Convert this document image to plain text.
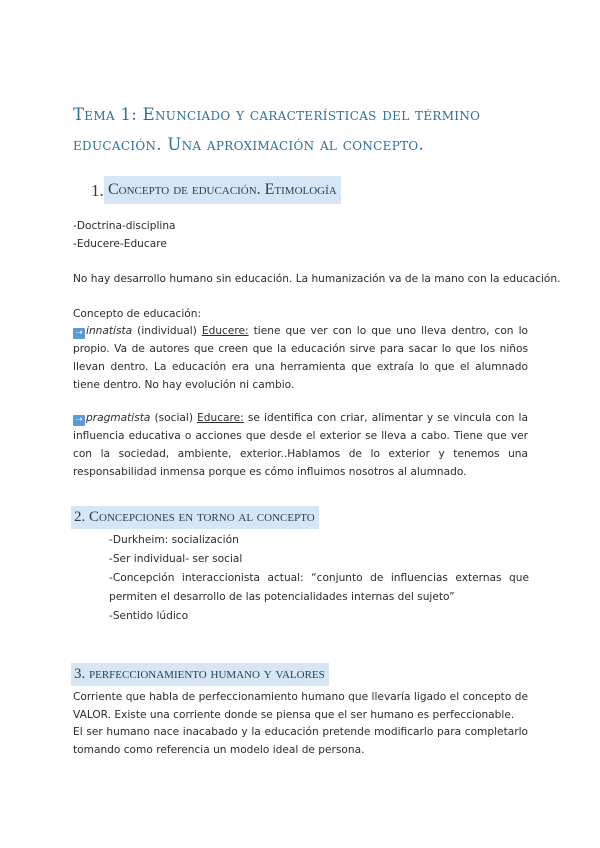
Tema 1: Enunciado y características del término educación. Una aproximación al concepto.
1. Concepto de educación. Etimología

-Doctrina-disciplina

-Educere-Educare

No hay desarrollo humano sin educación. La humanización va de la mano con la educación.

Concepto de educación:

➝ innatista (individual) Educere: tiene que ver con lo que uno lleva dentro, con lo propio. Va de autores que creen que la educación sirve para sacar lo que los niños llevan dentro. La educación era una herramienta que extraía lo que el alumnado tiene dentro. No hay evolución ni cambio.

➝ pragmatista (social) Educare: se identifica con criar, alimentar y se vincula con la influencia educativa o acciones que desde el exterior se lleva a cabo. Tiene que ver con la sociedad, ambiente, exterior..Hablamos de lo exterior y tenemos una responsabilidad inmensa porque es cómo influimos nosotros al alumnado.

2. Concepciones en torno al concepto

-Durkheim: socialización

-Ser individual- ser social

-Concepción interaccionista actual: “conjunto de influencias externas que permiten el desarrollo de las potencialidades internas del sujeto”

-Sentido lúdico

3. perfeccionamiento humano y valores

Corriente que habla de perfeccionamiento humano que llevaría ligado el concepto de VALOR. Existe una corriente donde se piensa que el ser humano es perfeccionable.

El ser humano nace inacabado y la educación pretende modificarlo para completarlo tomando como referencia un modelo ideal de persona.
